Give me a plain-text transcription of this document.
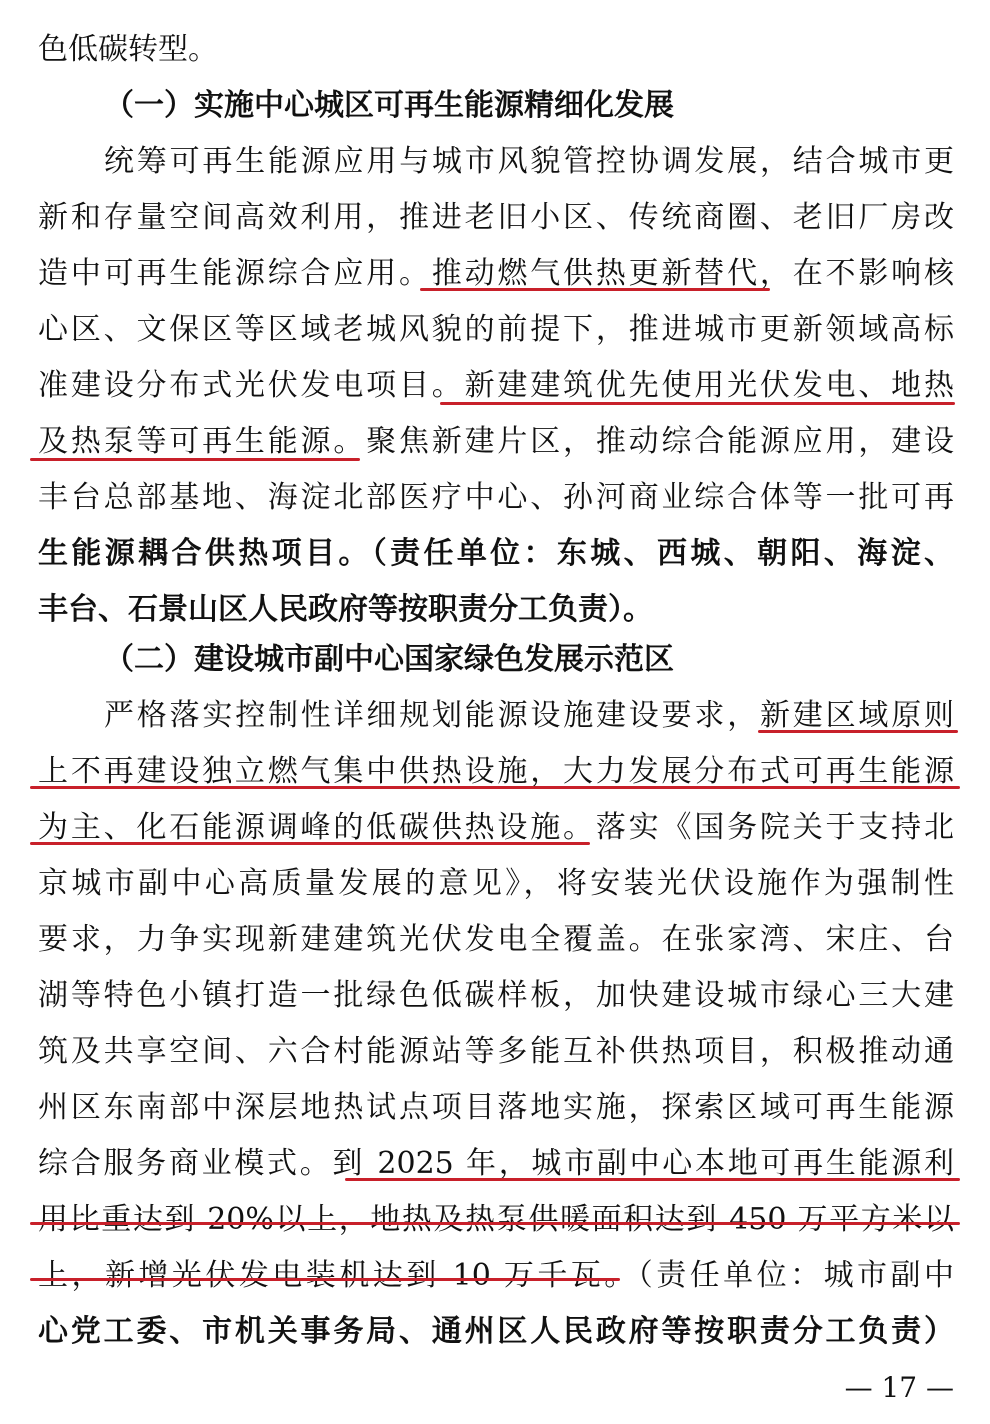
色低碳转型。
（一）实施中心城区可再生能源精细化发展
统筹可再生能源应用与城市风貌管控协调发展，结合城市更
新和存量空间高效利用，推进老旧小区、传统商圈、老旧厂房改
造中可再生能源综合应用。推动燃气供热更新替代，在不影响核
心区、文保区等区域老城风貌的前提下，推进城市更新领域高标
准建设分布式光伏发电项目。新建建筑优先使用光伏发电、地热
及热泵等可再生能源。聚焦新建片区，推动综合能源应用，建设
丰台总部基地、海淀北部医疗中心、孙河商业综合体等一批可再
生能源耦合供热项目。（责任单位：东城、西城、朝阳、海淀、
丰台、石景山区人民政府等按职责分工负责）。
（二）建设城市副中心国家绿色发展示范区
严格落实控制性详细规划能源设施建设要求，新建区域原则
上不再建设独立燃气集中供热设施，大力发展分布式可再生能源
为主、化石能源调峰的低碳供热设施。落实《国务院关于支持北
京城市副中心高质量发展的意见》，将安装光伏设施作为强制性
要求，力争实现新建建筑光伏发电全覆盖。在张家湾、宋庄、台
湖等特色小镇打造一批绿色低碳样板，加快建设城市绿心三大建
筑及共享空间、六合村能源站等多能互补供热项目，积极推动通
州区东南部中深层地热试点项目落地实施，探索区域可再生能源
综合服务商业模式。到 2025 年，城市副中心本地可再生能源利
用比重达到 20%以上，地热及热泵供暖面积达到 450 万平方米以
上，新增光伏发电装机达到 10 万千瓦。（责任单位：城市副中
心党工委、市机关事务局、通州区人民政府等按职责分工负责）
— 17 —
